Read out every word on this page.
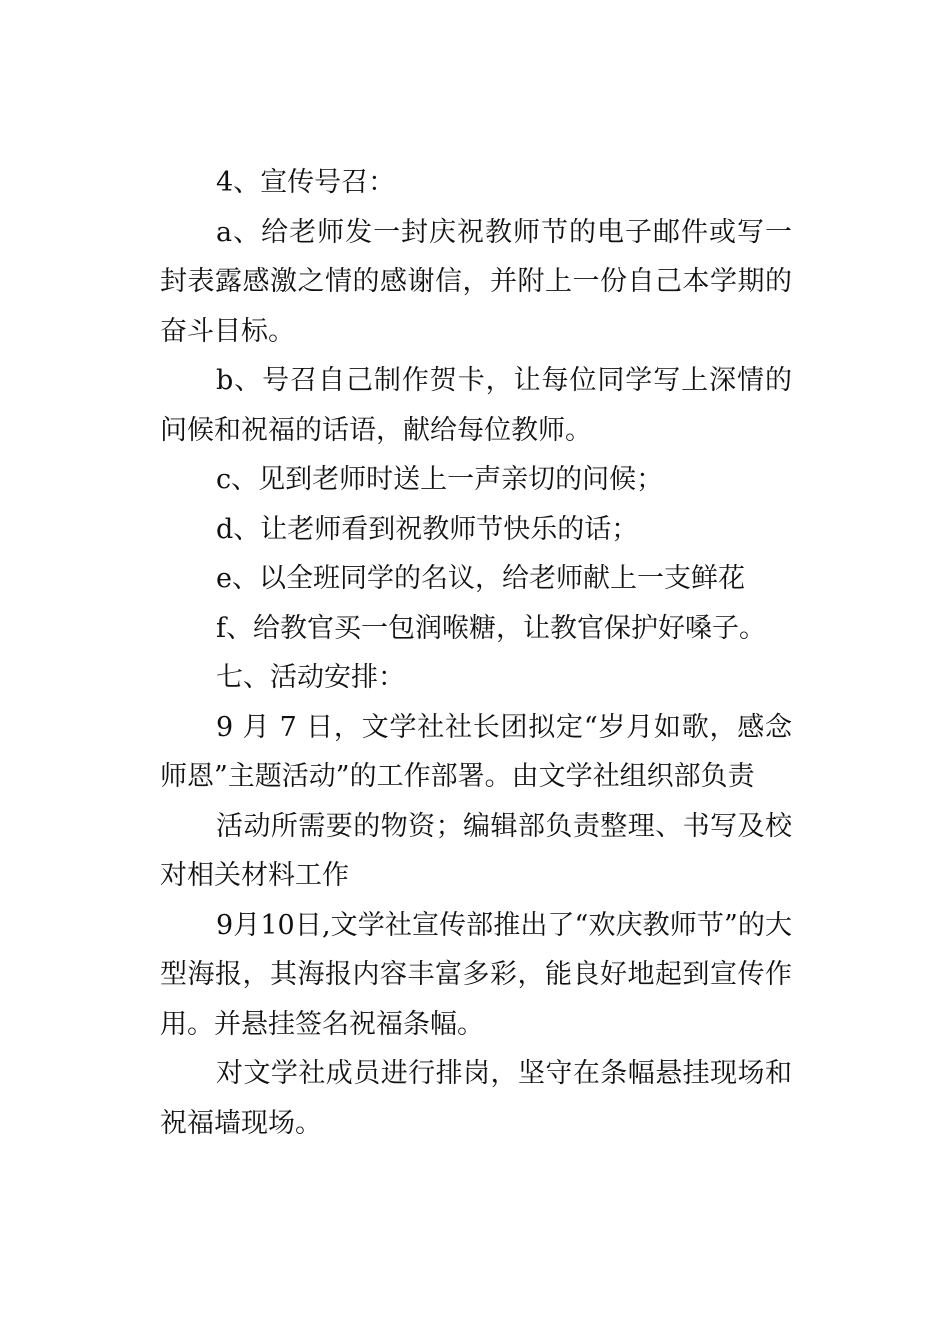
4、宣传号召：

a、给老师发一封庆祝教师节的电子邮件或写一封表露感激之情的感谢信，并附上一份自己本学期的奋斗目标。

b、号召自己制作贺卡，让每位同学写上深情的问候和祝福的话语，献给每位教师。

c、见到老师时送上一声亲切的问候；

d、让老师看到祝教师节快乐的话；

e、以全班同学的名议，给老师献上一支鲜花

f、给教官买一包润喉糖，让教官保护好嗓子。

七、活动安排：

9 月 7 日，文学社社长团拟定“岁月如歌，感念师恩”主题活动”的工作部署。由文学社组织部负责

活动所需要的物资；编辑部负责整理、书写及校对相关材料工作

9月10日,文学社宣传部推出了“欢庆教师节”的大型海报，其海报内容丰富多彩，能良好地起到宣传作用。并悬挂签名祝福条幅。

对文学社成员进行排岗，坚守在条幅悬挂现场和祝福墙现场。
